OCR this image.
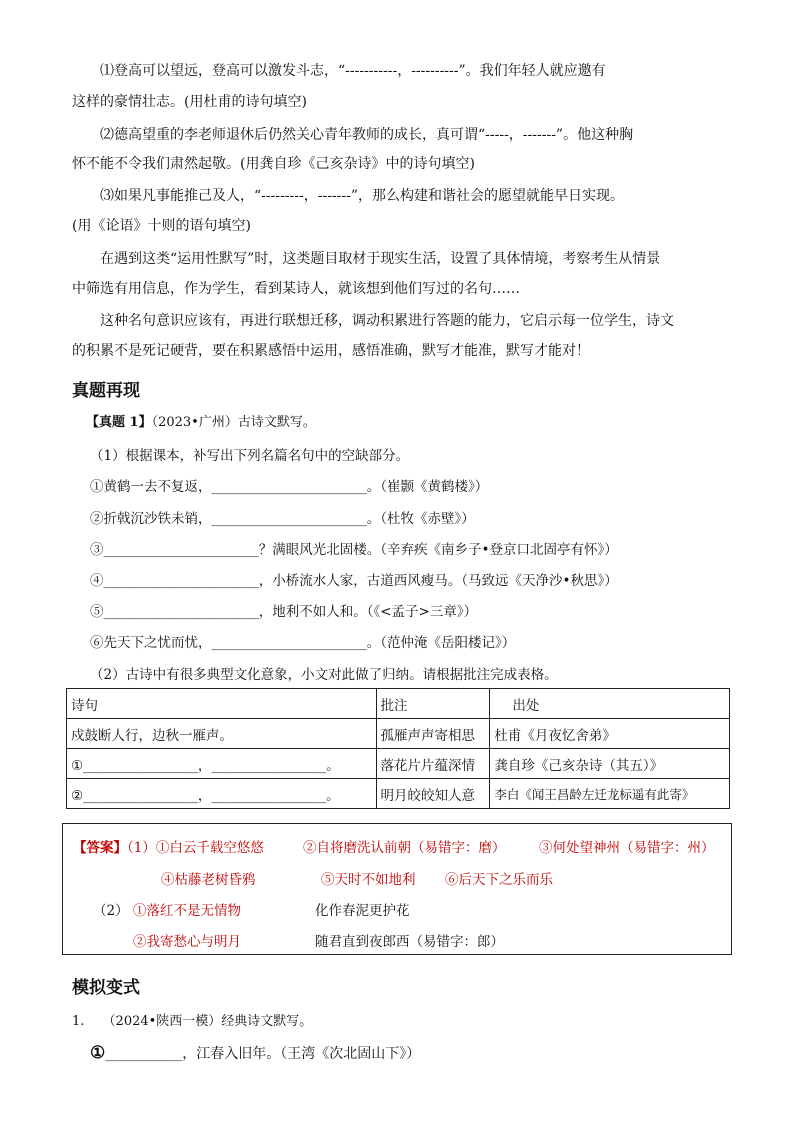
⑴登高可以望远，登高可以激发斗志，“-----------，----------”。我们年轻人就应邀有
这样的豪情壮志。(用杜甫的诗句填空)
⑵德高望重的李老师退休后仍然关心青年教师的成长，真可谓“-----，-------”。他这种胸
怀不能不令我们肃然起敬。(用龚自珍《己亥杂诗》中的诗句填空)
⑶如果凡事能推己及人，“---------，-------”，那么构建和谐社会的愿望就能早日实现。
(用《论语》十则的语句填空)
在遇到这类“运用性默写”时，这类题目取材于现实生活，设置了具体情境，考察考生从情景
中筛选有用信息，作为学生，看到某诗人，就该想到他们写过的名句……
这种名句意识应该有，再进行联想迁移，调动积累进行答题的能力，它启示每一位学生，诗文
的积累不是死记硬背，要在积累感悟中运用，感悟准确，默写才能准，默写才能对！
真题再现
【真题 1】（2023•广州）古诗文默写。
（1）根据课本，补写出下列名篇名句中的空缺部分。
①黄鹤一去不复返，_______________________。（崔颢《黄鹤楼》）
②折戟沉沙铁未销，_______________________。（杜牧《赤壁》）
③_______________________？满眼风光北固楼。（辛弃疾《南乡子•登京口北固亭有怀》）
④_______________________，小桥流水人家，古道西风瘦马。（马致远《天净沙•秋思》）
⑤_______________________，地利不如人和。（《<孟子>三章》）
⑥先天下之忧而忧，_______________________。（范仲淹《岳阳楼记》）
（2）古诗中有很多典型文化意象，小文对此做了归纳。请根据批注完成表格。
诗句	批注	出处
戍鼓断人行，边秋一雁声。	孤雁声声寄相思	杜甫《月夜忆舍弟》
①_________________，_________________。	落花片片蕴深情	龚自珍《己亥杂诗（其五）》
②_________________，_________________。	明月皎皎知人意	李白《闻王昌龄左迁龙标遥有此寄》
【答案】（1）①白云千载空悠悠	②自将磨洗认前朝（易错字：磨） ③何处望神州（易错字：州）
④枯藤老树昏鸦	⑤天时不如地利 ⑥后天下之乐而乐
（2） ①落红不是无情物	化作春泥更护花
②我寄愁心与明月	随君直到夜郎西（易错字：郎）
模拟变式
1. （2024•陕西一模）经典诗文默写。
①___________，江春入旧年。（王湾《次北固山下》）
